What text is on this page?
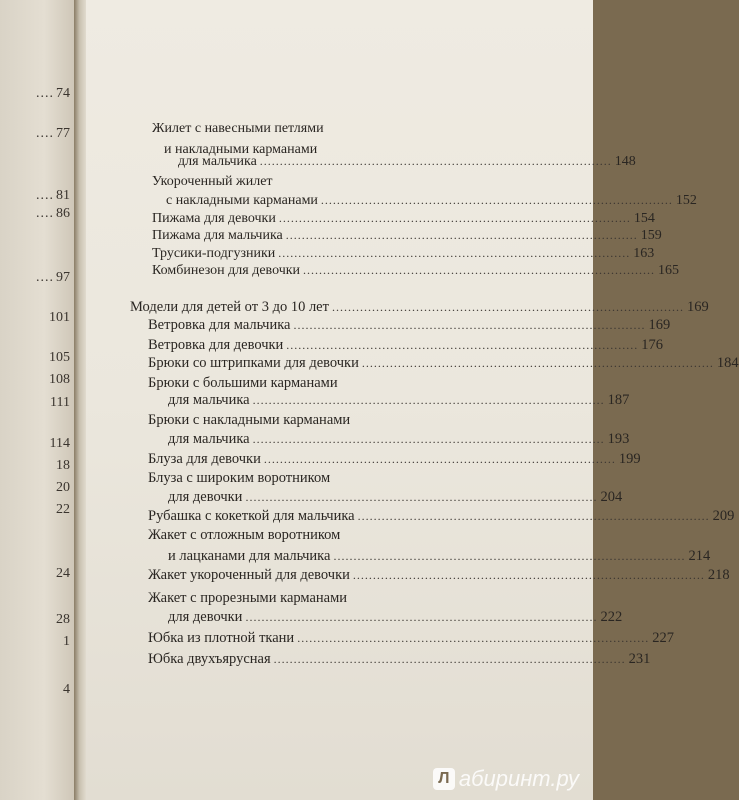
.... 74
.... 77
.... 81
.... 86
.... 97
101
105
108
111
114
18
20
22
24
28
1
4
Жилет с навесными петлями
и накладными карманами
для мальчика ........................................................................................ 148
Укороченный жилет
с накладными карманами ........................................................................................ 152
Пижама для девочки ........................................................................................ 154
Пижама для мальчика ........................................................................................ 159
Трусики-подгузники ........................................................................................ 163
Комбинезон для девочки ........................................................................................ 165
Модели для детей от 3 до 10 лет ........................................................................................ 169
Ветровка для мальчика ........................................................................................ 169
Ветровка для девочки ........................................................................................ 176
Брюки со штрипками для девочки ........................................................................................ 184
Брюки с большими карманами
для мальчика ........................................................................................ 187
Брюки с накладными карманами
для мальчика ........................................................................................ 193
Блуза для девочки ........................................................................................ 199
Блуза с широким воротником
для девочки ........................................................................................ 204
Рубашка с кокеткой для мальчика ........................................................................................ 209
Жакет с отложным воротником
и лацканами для мальчика ........................................................................................ 214
Жакет укороченный для девочки ........................................................................................ 218
Жакет с прорезными карманами
для девочки ........................................................................................ 222
Юбка из плотной ткани ........................................................................................ 227
Юбка двухъярусная ........................................................................................ 231
Л абиринт.ру
